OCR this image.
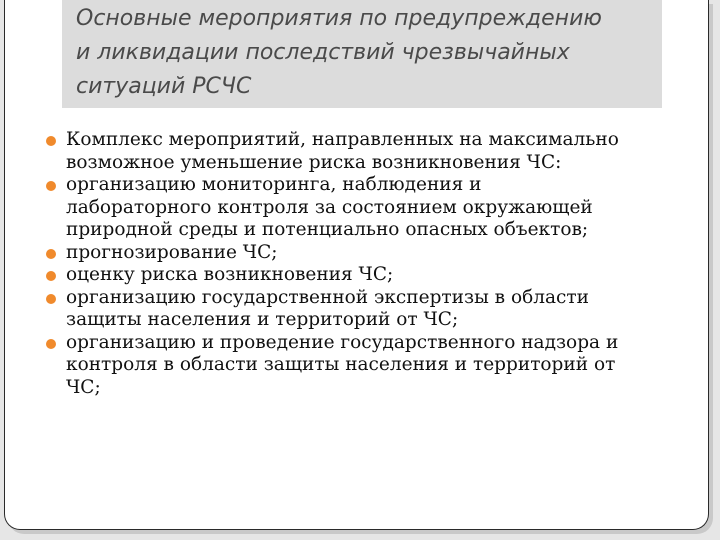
Основные мероприятия по предупреждению
и ликвидации последствий чрезвычайных
ситуаций РСЧС
Комплекс мероприятий, направленных на максимально
возможное уменьшение риска возникновения ЧС:
организацию мониторинга, наблюдения и
лабораторного контроля за состоянием окружающей
природной среды и потенциально опасных объектов;
прогнозирование ЧС;
оценку риска возникновения ЧС;
организацию государственной экспертизы в области
защиты населения и территорий от ЧС;
организацию и проведение государственного надзора и
контроля в области защиты населения и территорий от
ЧС;
